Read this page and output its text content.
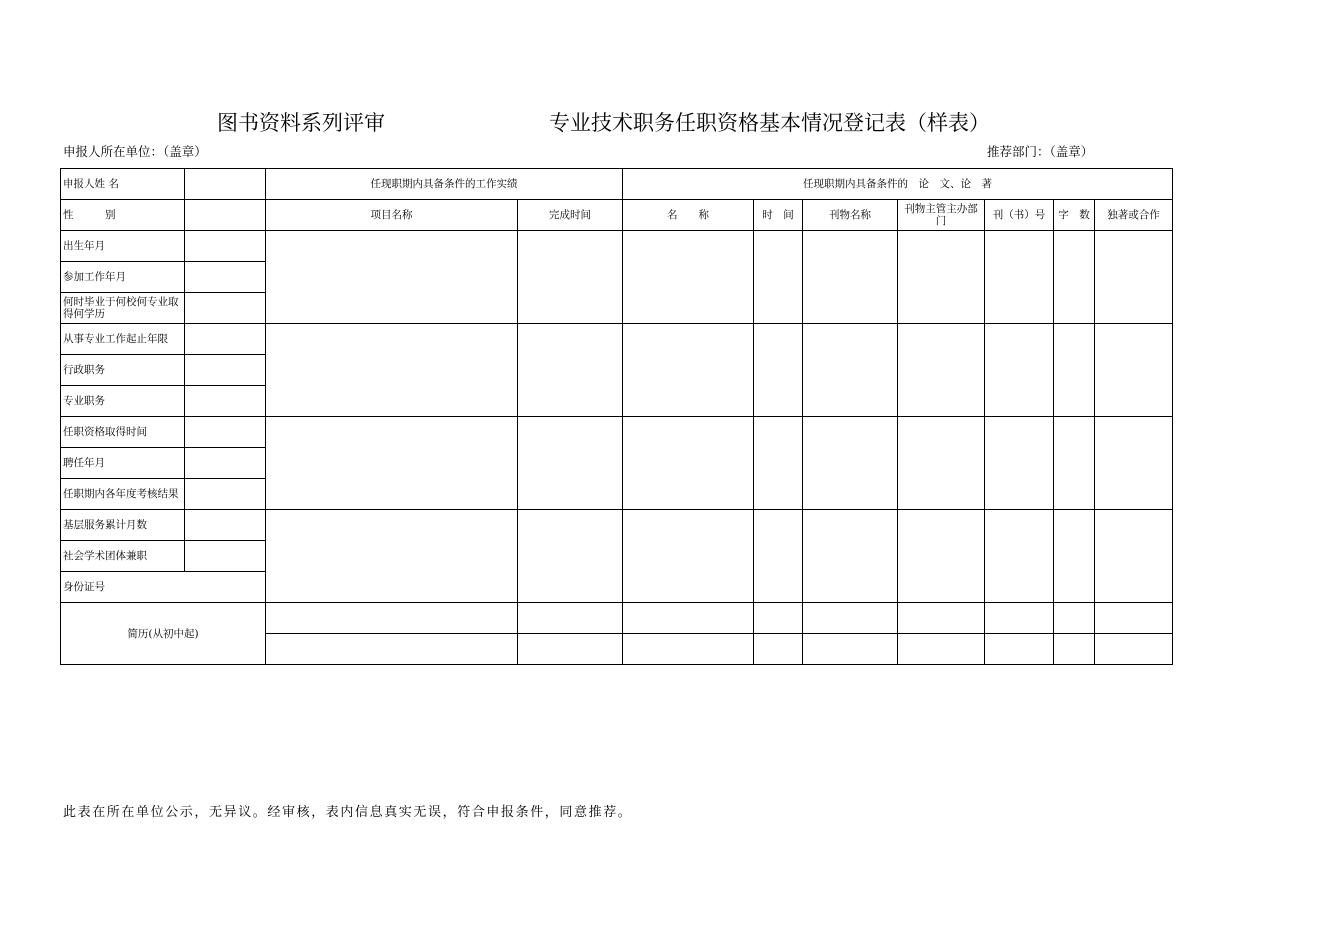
图书资料系列评审	专业技术职务任职资格基本情况登记表（样表）
申报人所在单位：（盖章）	推荐部门：（盖章）
申报人姓 名		任现职期内具备条件的工作实绩		任现职期内具备条件的　论　文、论　著						
性　　　别		项目名称	完成时间	名　　称	时　间	刊物名称	刊物主管主办部门	刊（书）号	字　数	独著或合作
出生年月										
参加工作年月										
何时毕业于何校何专业取得何学历										
从事专业工作起止年限										
行政职务										
专业职务										
任职资格取得时间										
聘任年月										
任职期内各年度考核结果										
基层服务累计月数										
社会学术团体兼职										
身份证号										
简历(从初中起)										

此表在所在单位公示，无异议。经审核，表内信息真实无误，符合申报条件，同意推荐。
